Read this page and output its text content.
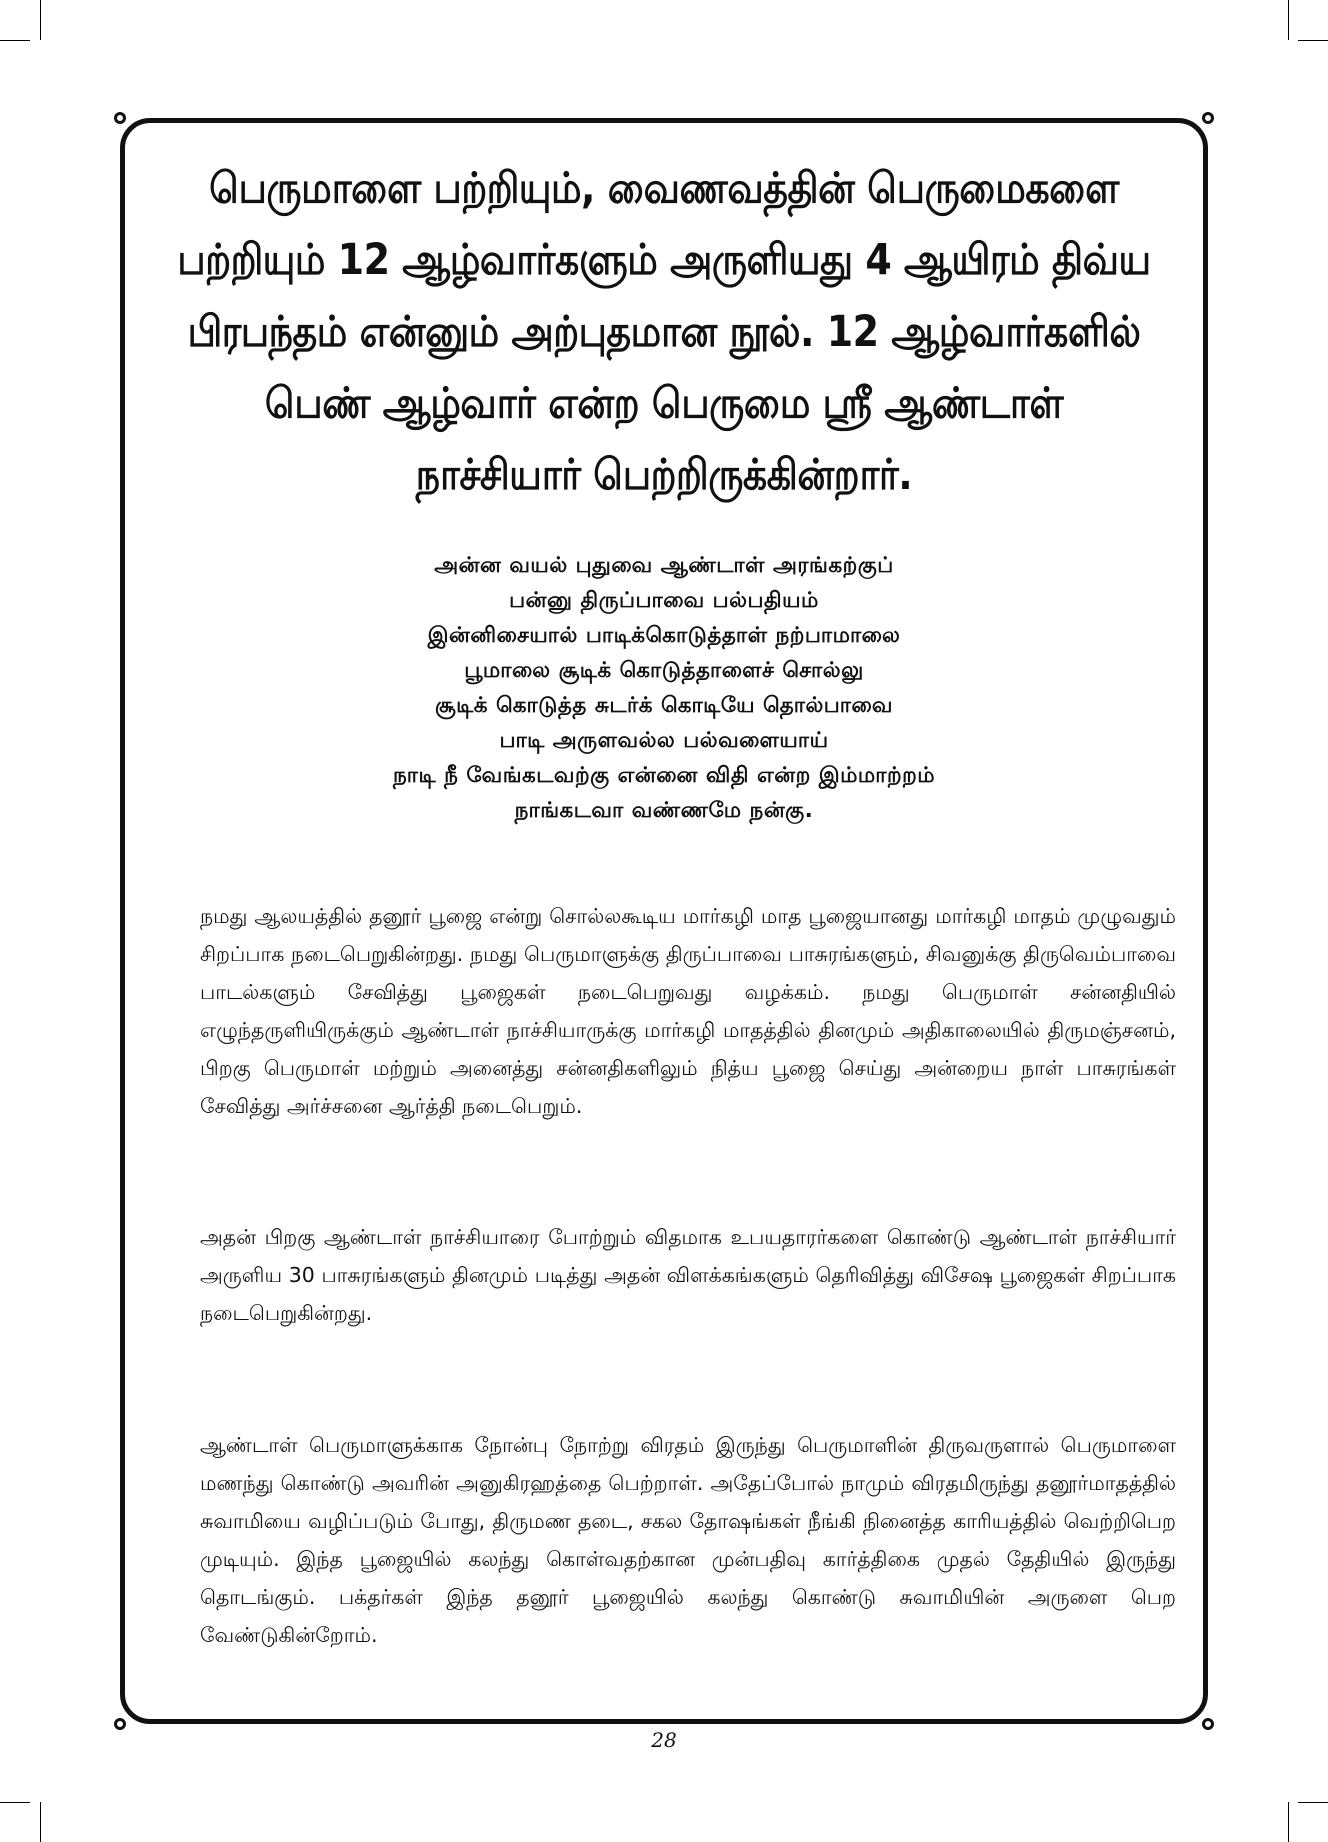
பெருமாளை பற்றியும், வைணவத்தின் பெருமைகளை
பற்றியும் 12 ஆழ்வார்களும் அருளியது 4 ஆயிரம் திவ்ய
பிரபந்தம் என்னும் அற்புதமான நூல். 12 ஆழ்வார்களில்
பெண் ஆழ்வார் என்ற பெருமை ஸ்ரீ ஆண்டாள்
நாச்சியார் பெற்றிருக்கின்றார்.
அன்ன வயல் புதுவை ஆண்டாள் அரங்கற்குப்
பன்னு திருப்பாவை பல்பதியம்
இன்னிசையால் பாடிக்கொடுத்தாள் நற்பாமாலை
பூமாலை சூடிக் கொடுத்தாளைச் சொல்லு
சூடிக் கொடுத்த சுடர்க் கொடியே தொல்பாவை
பாடி அருளவல்ல பல்வளையாய்
நாடி நீ வேங்கடவற்கு என்னை விதி என்ற இம்மாற்றம்
நாங்கடவா வண்ணமே நன்கு.

நமது ஆலயத்தில் தனூர் பூஜை என்று சொல்லகூடிய மார்கழி மாத பூஜையானது மார்கழி மாதம் முழுவதும் சிறப்பாக நடைபெறுகின்றது. நமது பெருமாளுக்கு திருப்பாவை பாசுரங்களும், சிவனுக்கு திருவெம்பாவை பாடல்களும் சேவித்து பூஜைகள் நடைபெறுவது வழக்கம். நமது பெருமாள் சன்னதியில் எழுந்தருளியிருக்கும் ஆண்டாள் நாச்சியாருக்கு மார்கழி மாதத்தில் தினமும் அதிகாலையில் திருமஞ்சனம், பிறகு பெருமாள் மற்றும் அனைத்து சன்னதிகளிலும் நித்ய பூஜை செய்து அன்றைய நாள் பாசுரங்கள் சேவித்து அர்ச்சனை ஆர்த்தி நடைபெறும்.

அதன் பிறகு ஆண்டாள் நாச்சியாரை போற்றும் விதமாக உபயதாரர்களை கொண்டு ஆண்டாள் நாச்சியார் அருளிய 30 பாசுரங்களும் தினமும் படித்து அதன் விளக்கங்களும் தெரிவித்து விசேஷ பூஜைகள் சிறப்பாக நடைபெறுகின்றது.

ஆண்டாள் பெருமாளுக்காக நோன்பு நோற்று விரதம் இருந்து பெருமாளின் திருவருளால் பெருமாளை மணந்து கொண்டு அவரின் அனுகிரஹத்தை பெற்றாள். அதேப்போல் நாமும் விரதமிருந்து தனூர்மாதத்தில் சுவாமியை வழிப்படும் போது, திருமண தடை, சகல தோஷங்கள் நீங்கி நினைத்த காரியத்தில் வெற்றிபெற முடியும். இந்த பூஜையில் கலந்து கொள்வதற்கான முன்பதிவு கார்த்திகை முதல் தேதியில் இருந்து தொடங்கும். பக்தர்கள் இந்த தனூர் பூஜையில் கலந்து கொண்டு சுவாமியின் அருளை பெற வேண்டுகின்றோம்.

28
